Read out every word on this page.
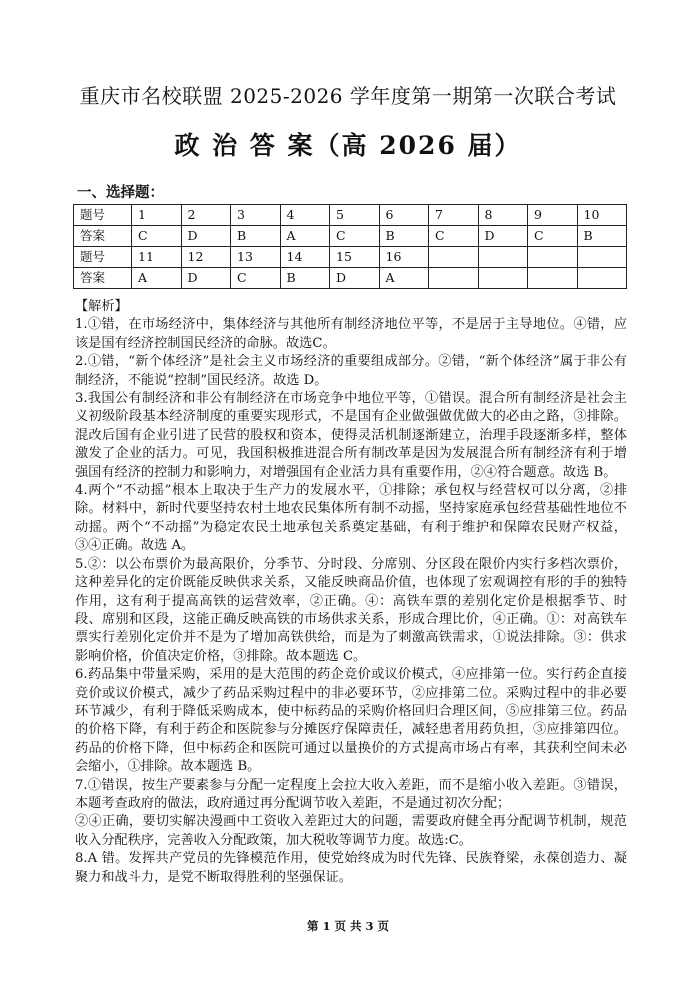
重庆市名校联盟 2025-2026 学年度第一期第一次联合考试
政 治 答 案（高 2026 届）
一、选择题：
题号	1	2	3	4	5	6	7	8	9	10
答案	C	D	B	A	C	B	C	D	C	B
题号	11	12	13	14	15	16				
答案	A	D	C	B	D	A				

【解析】

1.①错，在市场经济中，集体经济与其他所有制经济地位平等，不是居于主导地位。④错，应该是国有经济控制国民经济的命脉。故选C。

2.①错，“新个体经济”是社会主义市场经济的重要组成部分。②错，“新个体经济”属于非公有制经济，不能说“控制”国民经济。故选 D。

3.我国公有制经济和非公有制经济在市场竞争中地位平等，①错误。混合所有制经济是社会主义初级阶段基本经济制度的重要实现形式，不是国有企业做强做优做大的必由之路，③排除。混改后国有企业引进了民营的股权和资本，使得灵活机制逐渐建立，治理手段逐渐多样，整体激发了企业的活力。可见，我国积极推进混合所有制改革是因为发展混合所有制经济有利于增强国有经济的控制力和影响力，对增强国有企业活力具有重要作用，②④符合题意。故选 B。

4.两个“不动摇”根本上取决于生产力的发展水平，①排除；承包权与经营权可以分离，②排除。材料中，新时代要坚持农村土地农民集体所有制不动摇，坚持家庭承包经营基础性地位不动摇。两个“不动摇”为稳定农民土地承包关系奠定基础，有利于维护和保障农民财产权益，③④正确。故选 A。

5.②：以公布票价为最高限价，分季节、分时段、分席别、分区段在限价内实行多档次票价，这种差异化的定价既能反映供求关系，又能反映商品价值，也体现了宏观调控有形的手的独特作用，这有利于提高高铁的运营效率，②正确。④：高铁车票的差别化定价是根据季节、时段、席别和区段，这能正确反映高铁的市场供求关系，形成合理比价，④正确。①：对高铁车票实行差别化定价并不是为了增加高铁供给，而是为了刺激高铁需求，①说法排除。③：供求影响价格，价值决定价格，③排除。故本题选 C。

6.药品集中带量采购，采用的是大范围的药企竞价或议价模式，④应排第一位。实行药企直接竞价或议价模式，减少了药品采购过程中的非必要环节，②应排第二位。采购过程中的非必要环节减少，有利于降低采购成本，使中标药品的采购价格回归合理区间，⑤应排第三位。药品的价格下降，有利于药企和医院参与分摊医疗保障责任，减轻患者用药负担，③应排第四位。药品的价格下降，但中标药企和医院可通过以量换价的方式提高市场占有率，其获利空间未必会缩小，①排除。故本题选 B。

7.①错误，按生产要素参与分配一定程度上会拉大收入差距，而不是缩小收入差距。③错误，本题考查政府的做法，政府通过再分配调节收入差距，不是通过初次分配；

②④正确，要切实解决漫画中工资收入差距过大的问题，需要政府健全再分配调节机制，规范收入分配秩序，完善收入分配政策，加大税收等调节力度。故选:C。

8.A 错。发挥共产党员的先锋模范作用，使党始终成为时代先锋、民族脊梁，永葆创造力、凝聚力和战斗力，是党不断取得胜利的坚强保证。

第 1 页 共 3 页
